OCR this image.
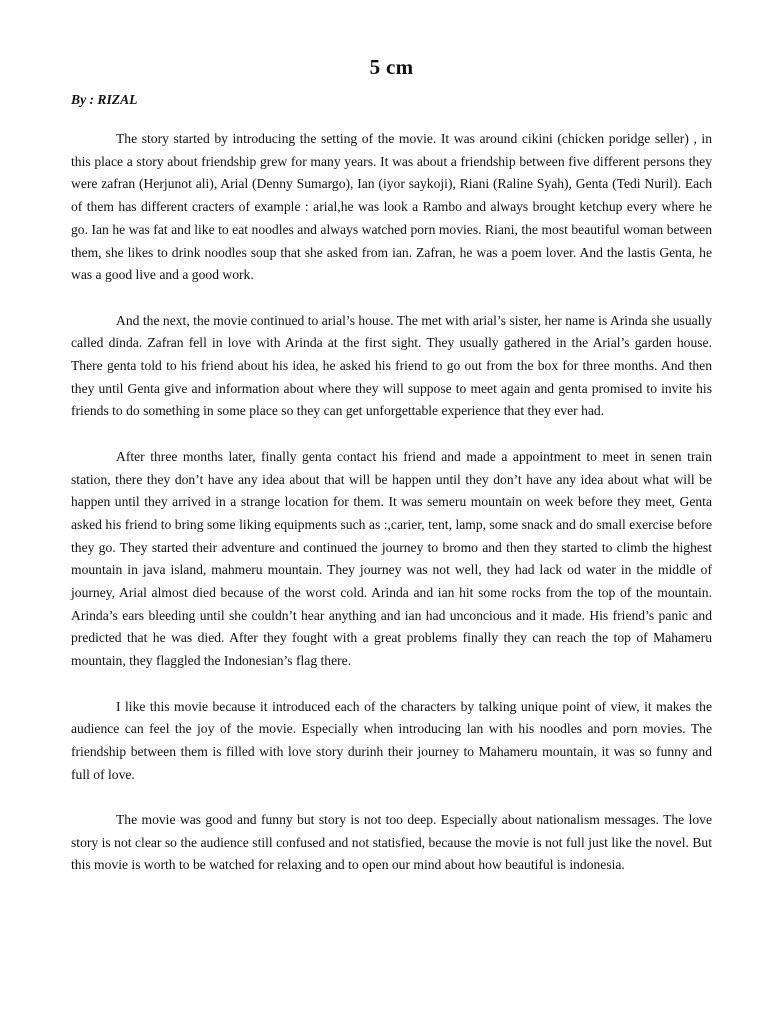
5 cm
By : RIZAL

The story started by introducing the setting of the movie. It was around cikini (chicken poridge seller) , in this place a story about friendship grew for many years. It was about a friendship between five different persons they were zafran (Herjunot ali), Arial (Denny Sumargo), Ian (iyor saykoji), Riani (Raline Syah), Genta (Tedi Nuril). Each of them has different cracters of example : arial,he was look a Rambo and always brought ketchup every where he go. Ian he was fat and like to eat noodles and always watched porn movies. Riani, the most beautiful woman between them, she likes to drink noodles soup that she asked from ian. Zafran, he was a poem lover. And the lastis Genta, he was a good live and a good work.

And the next, the movie continued to arial’s house. The met with arial’s sister, her name is Arinda she usually called dinda. Zafran fell in love with Arinda at the first sight. They usually gathered in the Arial’s garden house. There genta told to his friend about his idea, he asked his friend to go out from the box for three months. And then they until Genta give and information about where they will suppose to meet again and genta promised to invite his friends to do something in some place so they can get unforgettable experience that they ever had.

After three months later, finally genta contact his friend and made a appointment to meet in senen train station, there they don’t have any idea about that will be happen until they don’t have any idea about what will be happen until they arrived in a strange location for them. It was semeru mountain on week before they meet, Genta asked his friend to bring some liking equipments such as :,carier, tent, lamp, some snack and do small exercise before they go. They started their adventure and continued the journey to bromo and then they started to climb the highest mountain in java island, mahmeru mountain. They journey was not well, they had lack od water in the middle of journey, Arial almost died because of the worst cold. Arinda and ian hit some rocks from the top of the mountain. Arinda’s ears bleeding until she couldn’t hear anything and ian had unconcious and it made. His friend’s panic and predicted that he was died. After they fought with a great problems finally they can reach the top of Mahameru mountain, they flaggled the Indonesian’s flag there.

I like this movie because it introduced each of the characters by talking unique point of view, it makes the audience can feel the joy of the movie. Especially when introducing lan with his noodles and porn movies. The friendship between them is filled with love story durinh their journey to Mahameru mountain, it was so funny and full of love.

The movie was good and funny but story is not too deep. Especially about nationalism messages. The love story is not clear so the audience still confused and not statisfied, because the movie is not full just like the novel. But this movie is worth to be watched for relaxing and to open our mind about how beautiful is indonesia.
